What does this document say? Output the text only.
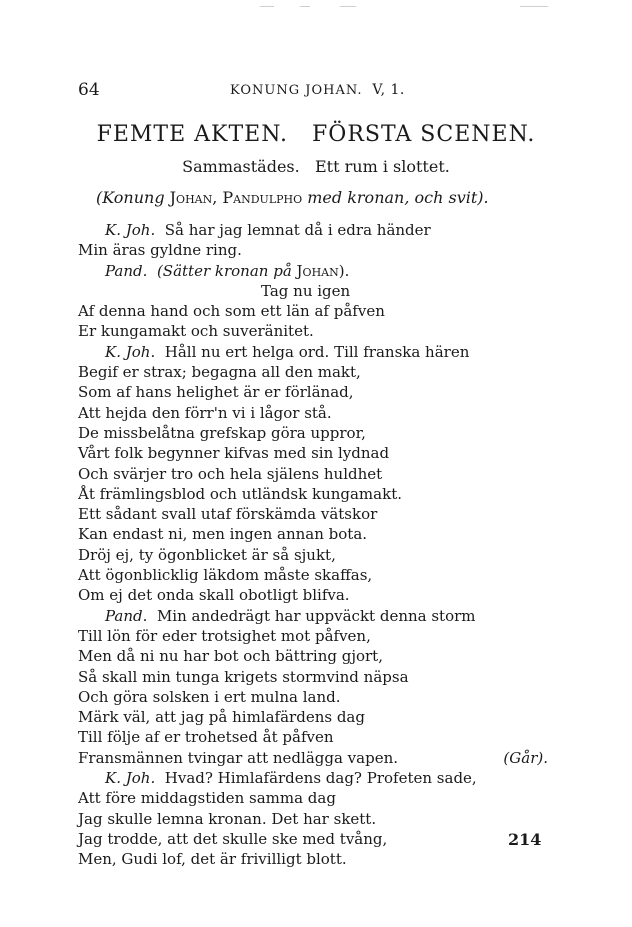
64	KONUNG JOHAN. V, 1.
FEMTE AKTEN.   FÖRSTA SCENEN.
Sammastädes.   Ett rum i slottet.
(Konung Johan, Pandulpho med kronan, och svit).
K. Joh. Så har jag lemnat då i edra händer
Min äras gyldne ring.
Pand. (Sätter kronan på Johan).
Tag nu igen
Af denna hand och som ett län af påfven
Er kungamakt och suveränitet.
K. Joh. Håll nu ert helga ord. Till franska hären
Begif er strax; begagna all den makt,
Som af hans helighet är er förlänad,
Att hejda den förr'n vi i lågor stå.
De missbelåtna grefskap göra uppror,
Vårt folk begynner kifvas med sin lydnad
Och svärjer tro och hela själens huldhet
Åt främlingsblod och utländsk kungamakt.
Ett sådant svall utaf förskämda vätskor
Kan endast ni, men ingen annan bota.
Dröj ej, ty ögonblicket är så sjukt,
Att ögonblicklig läkdom måste skaffas,
Om ej det onda skall obotligt blifva.
Pand. Min andedrägt har uppväckt denna storm
Till lön för eder trotsighet mot påfven,
Men då ni nu har bot och bättring gjort,
Så skall min tunga krigets stormvind näpsa
Och göra solsken i ert mulna land.
Märk väl, att jag på himlafärdens dag
Till följe af er trohetsed åt påfven
Fransmännen tvingar att nedlägga vapen.	(Går).
K. Joh. Hvad? Himlafärdens dag? Profeten sade,
Att före middagstiden samma dag
Jag skulle lemna kronan. Det har skett.
Jag trodde, att det skulle ske med tvång,
Men, Gudi lof, det är frivilligt blott.
214
